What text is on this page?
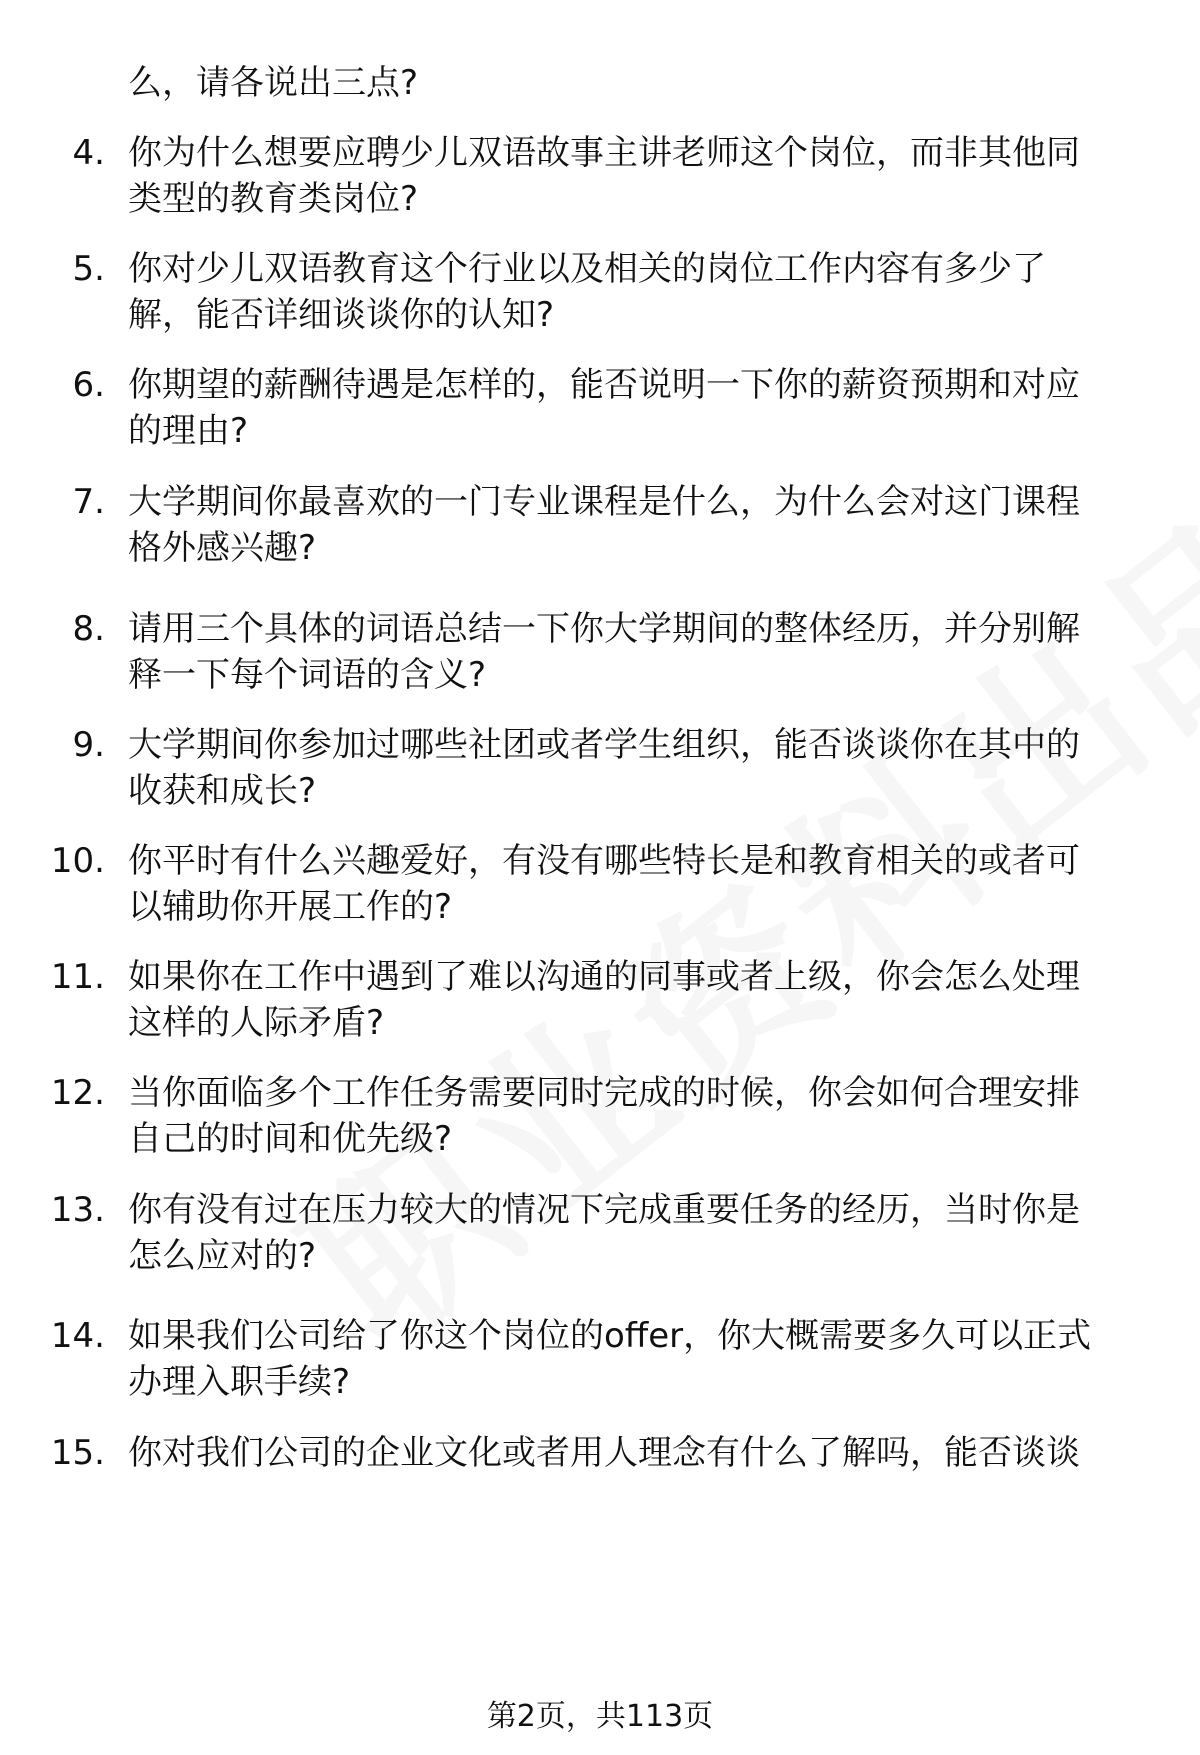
么，请各说出三点?
4. 你为什么想要应聘少儿双语故事主讲老师这个岗位，而非其他同
类型的教育类岗位?
5. 你对少儿双语教育这个行业以及相关的岗位工作内容有多少了
解，能否详细谈谈你的认知?
6. 你期望的薪酬待遇是怎样的，能否说明一下你的薪资预期和对应
的理由?
7. 大学期间你最喜欢的一门专业课程是什么，为什么会对这门课程
格外感兴趣?
8. 请用三个具体的词语总结一下你大学期间的整体经历，并分别解
释一下每个词语的含义?
9. 大学期间你参加过哪些社团或者学生组织，能否谈谈你在其中的
收获和成长?
10. 你平时有什么兴趣爱好，有没有哪些特长是和教育相关的或者可
以辅助你开展工作的?
11. 如果你在工作中遇到了难以沟通的同事或者上级，你会怎么处理
这样的人际矛盾?
12. 当你面临多个工作任务需要同时完成的时候，你会如何合理安排
自己的时间和优先级?
13. 你有没有过在压力较大的情况下完成重要任务的经历，当时你是
怎么应对的?
14. 如果我们公司给了你这个岗位的offer，你大概需要多久可以正式
办理入职手续?
15. 你对我们公司的企业文化或者用人理念有什么了解吗，能否谈谈
第2页，共113页
